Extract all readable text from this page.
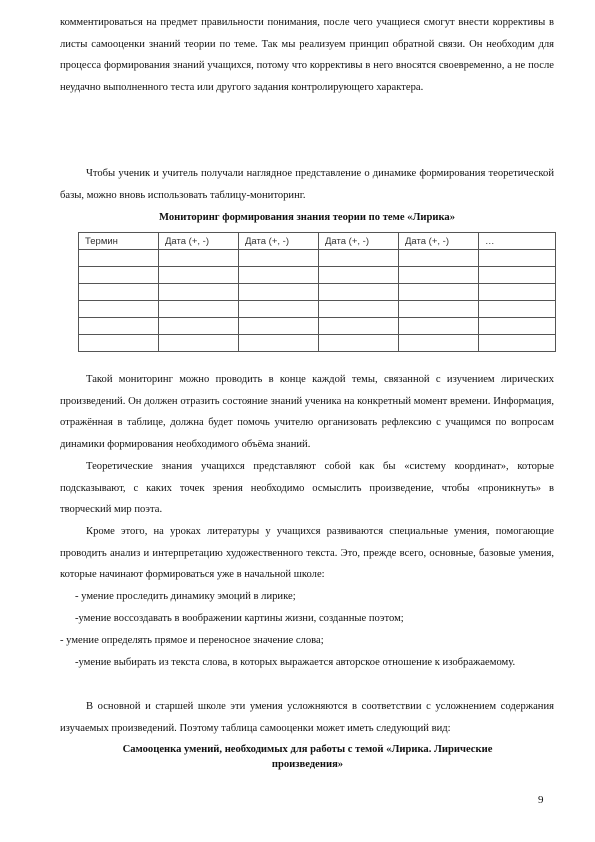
комментироваться на предмет правильности понимания, после чего учащиеся смогут внести коррективы в листы самооценки знаний теории по теме. Так мы реализуем принцип обратной связи. Он необходим для процесса формирования знаний учащихся, потому что коррективы в него вносятся своевременно, а не после неудачно выполненного теста или другого задания контролирующего характера.

Чтобы ученик и учитель получали наглядное представление о динамике формирования теоретической базы, можно вновь использовать таблицу-мониторинг.

Мониторинг формирования знания теории по теме «Лирика»

Термин	Дата (+, -)	Дата (+, -)	Дата (+, -)	Дата (+, -)	…

Такой мониторинг можно проводить в конце каждой темы, связанной с изучением лирических произведений. Он должен отразить состояние знаний ученика на конкретный момент времени. Информация, отражённая в таблице, должна будет помочь учителю организовать рефлексию с учащимся по вопросам динамики формирования необходимого объёма знаний.

Теоретические знания учащихся представляют собой как бы «систему координат», которые подсказывают, с каких точек зрения необходимо осмыслить произведение, чтобы «проникнуть» в творческий мир поэта.

Кроме этого, на уроках литературы у учащихся развиваются специальные умения, помогающие проводить анализ и интерпретацию художественного текста. Это, прежде всего, основные, базовые умения, которые начинают формироваться уже в начальной школе:

- умение проследить динамику эмоций в лирике;

-умение воссоздавать в воображении картины жизни, созданные поэтом;

- умение определять прямое и переносное значение слова;

-умение выбирать из текста слова, в которых выражается авторское отношение к изображаемому.

В основной и старшей школе эти умения усложняются в соответствии с усложнением содержания изучаемых произведений. Поэтому таблица самооценки может иметь следующий вид:

Самооценка умений, необходимых для работы с темой «Лирика. Лирические произведения»

9
